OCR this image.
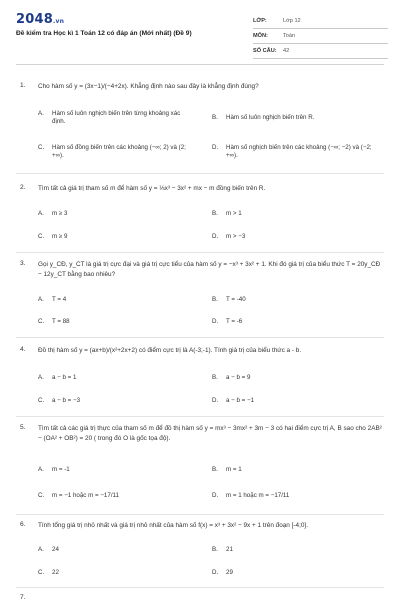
2048.vn
Đề kiểm tra Học kì 1 Toán 12 có đáp án (Mới nhất) (Đề 9)
LỚP:	Lớp 12
MÔN:	Toán
SỐ CÂU:	42
1. Cho hàm số y = (3x−1)/(−4+2x). Khẳng định nào sau đây là khẳng định đúng?
A. Hàm số luôn nghịch biến trên từng khoảng xác định.
B. Hàm số luôn nghịch biến trên R.
C. Hàm số đồng biến trên các khoảng (−∞; 2) và (2; +∞).
D. Hàm số nghịch biến trên các khoảng (−∞; −2) và (−2; +∞).
2. Tìm tất cả giá trị tham số m để hàm số y = ⅓x³ − 3x² + mx − m đồng biến trên R.
A. m ≥ 3	B. m > 1
C. m ≥ 9	D. m > −3
3. Gọi y_CĐ, y_CT là giá trị cực đại và giá trị cực tiểu của hàm số y = −x³ + 3x² + 1. Khi đó giá trị của biểu thức T = 20y_CĐ − 12y_CT bằng bao nhiêu?
A. T = 4	B. T = -40
C. T = 88	D. T = -6
4. Đồ thị hàm số y = (ax+b)/(x²+2x+2) có điểm cực trị là A(-3;-1). Tính giá trị của biểu thức a - b.
A. a − b = 1	B. a − b = 9
C. a − b = −3	D. a − b = −1
5. Tìm tất cả các giá trị thực của tham số m để đồ thị hàm số y = mx³ − 3mx² + 3m − 3 có hai điểm cực trị A, B sao cho 2AB² − (OA² + OB²) = 20 ( trong đó O là gốc tọa độ).
A. m = -1	B. m = 1
C. m = −1 hoặc m = −17/11	D. m = 1 hoặc m = −17/11
6. Tính tổng giá trị nhỏ nhất và giá trị nhỏ nhất của hàm số f(x) = x³ + 3x² − 9x + 1 trên đoạn [-4;0].
A. 24	B. 21
C. 22	D. 29
7.
